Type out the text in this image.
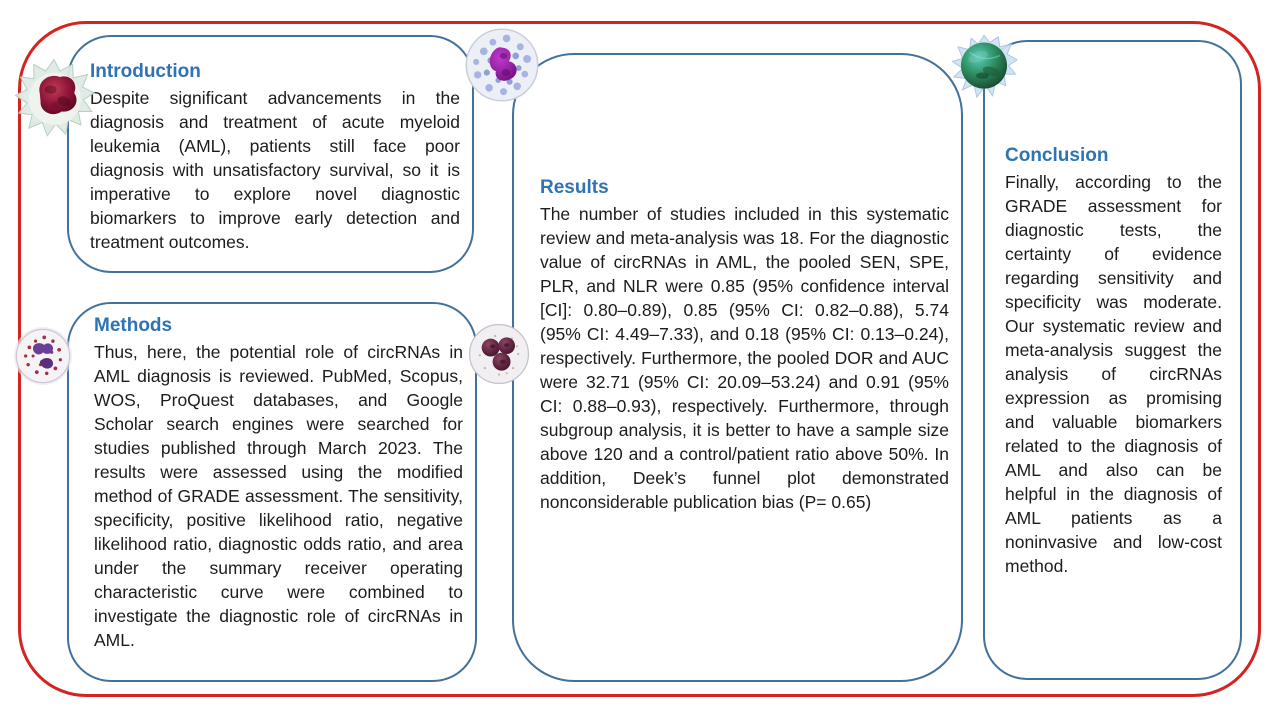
Introduction

Despite significant advancements in the diagnosis and treatment of acute myeloid leukemia (AML), patients still face poor diagnosis with unsatisfactory survival, so it is imperative to explore novel diagnostic biomarkers to improve early detection and treatment outcomes.

Methods

Thus, here, the potential role of circRNAs in AML diagnosis is reviewed. PubMed, Scopus, WOS, ProQuest databases, and Google Scholar search engines were searched for studies published through March 2023. The results were assessed using the modified method of GRADE assessment. The sensitivity, specificity, positive likelihood ratio, negative likelihood ratio, diagnostic odds ratio, and area under the summary receiver operating characteristic curve were combined to investigate the diagnostic role of circRNAs in AML.

Results

The number of studies included in this systematic review and meta-analysis was 18. For the diagnostic value of circRNAs in AML, the pooled SEN, SPE, PLR, and NLR were 0.85 (95% confidence interval [CI]: 0.80–0.89), 0.85 (95% CI: 0.82–0.88), 5.74 (95% CI: 4.49–7.33), and 0.18 (95% CI: 0.13–0.24), respectively. Furthermore, the pooled DOR and AUC were 32.71 (95% CI: 20.09–53.24) and 0.91 (95% CI: 0.88–0.93), respectively. Furthermore, through subgroup analysis, it is better to have a sample size above 120 and a control/patient ratio above 50%. In addition, Deek’s funnel plot demonstrated nonconsiderable publication bias (P= 0.65)

Conclusion

Finally, according to the GRADE assessment for diagnostic tests, the certainty of evidence regarding sensitivity and specificity was moderate. Our systematic review and meta-analysis suggest the analysis of circRNAs expression as promising and valuable biomarkers related to the diagnosis of AML and also can be helpful in the diagnosis of AML patients as a noninvasive and low-cost method.
